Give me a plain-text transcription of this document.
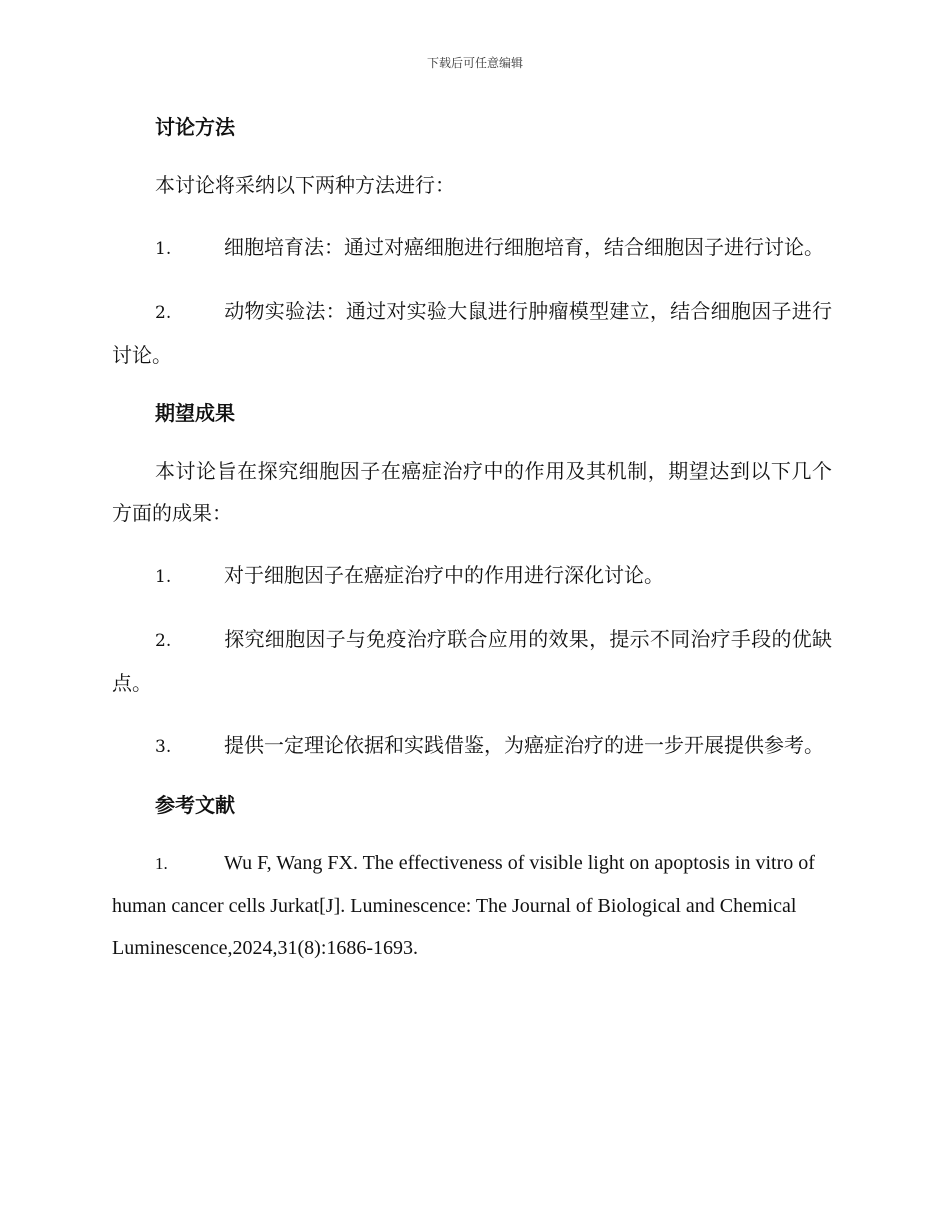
下载后可任意编辑
讨论方法

本讨论将采纳以下两种方法进行：

1.	细胞培育法：通过对癌细胞进行细胞培育，结合细胞因子进行讨论。

2.	动物实验法：通过对实验大鼠进行肿瘤模型建立，结合细胞因子进行讨论。

期望成果

本讨论旨在探究细胞因子在癌症治疗中的作用及其机制，期望达到以下几个方面的成果：

1.	对于细胞因子在癌症治疗中的作用进行深化讨论。

2.	探究细胞因子与免疫治疗联合应用的效果，提示不同治疗手段的优缺点。

3.	提供一定理论依据和实践借鉴，为癌症治疗的进一步开展提供参考。

参考文献

1.	Wu F, Wang FX. The effectiveness of visible light on apoptosis in vitro of human cancer cells Jurkat[J]. Luminescence: The Journal of Biological and Chemical Luminescence,2024,31(8):1686-1693.
